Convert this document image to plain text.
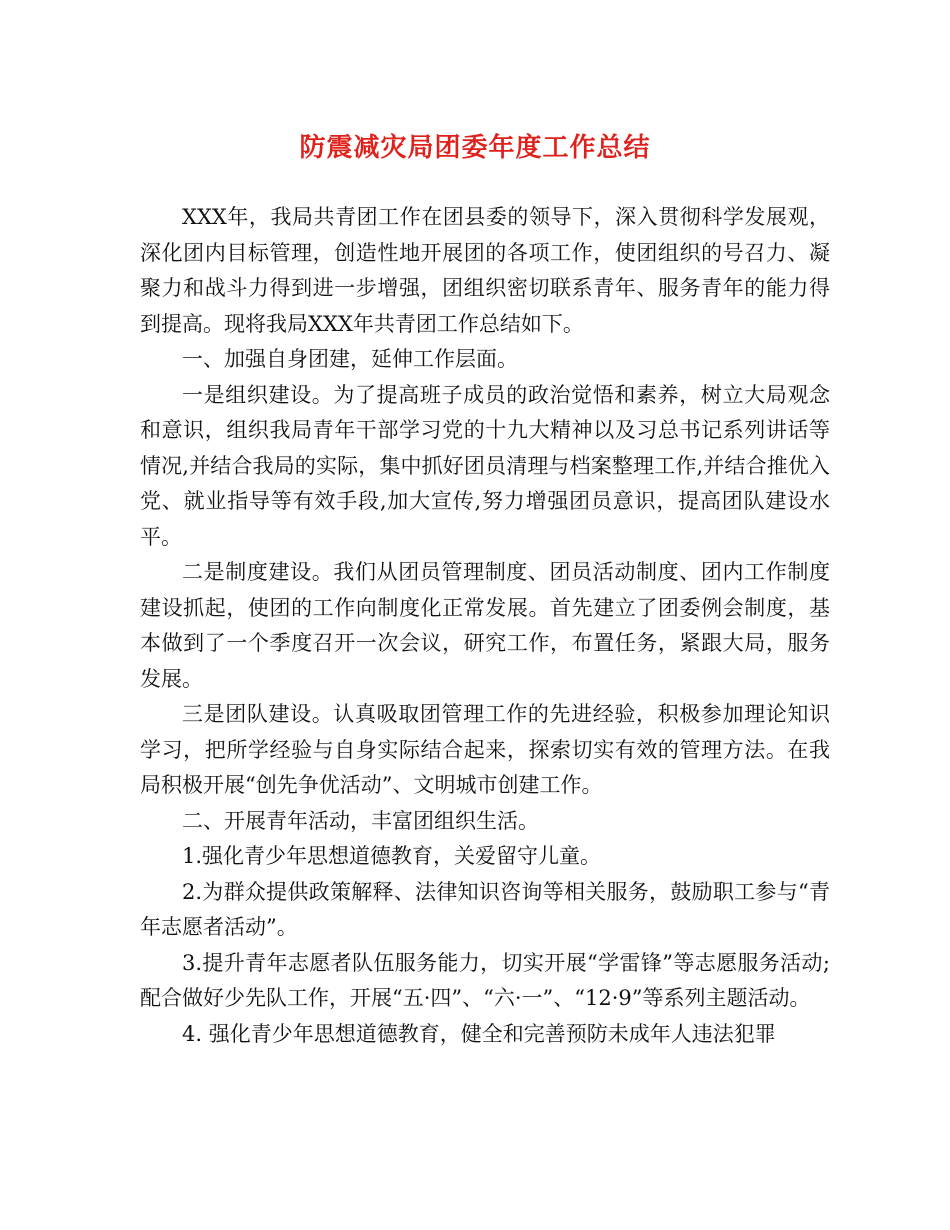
防震减灾局团委年度工作总结

XXX年，我局共青团工作在团县委的领导下，深入贯彻科学发展观，深化团内目标管理，创造性地开展团的各项工作，使团组织的号召力、凝聚力和战斗力得到进一步增强，团组织密切联系青年、服务青年的能力得到提高。现将我局XXX年共青团工作总结如下。

一、加强自身团建，延伸工作层面。

一是组织建设。为了提高班子成员的政治觉悟和素养，树立大局观念和意识，组织我局青年干部学习党的十九大精神以及习总书记系列讲话等情况,并结合我局的实际，集中抓好团员清理与档案整理工作,并结合推优入党、就业指导等有效手段,加大宣传,努力增强团员意识，提高团队建设水平。

二是制度建设。我们从团员管理制度、团员活动制度、团内工作制度建设抓起，使团的工作向制度化正常发展。首先建立了团委例会制度，基本做到了一个季度召开一次会议，研究工作，布置任务，紧跟大局，服务发展。

三是团队建设。认真吸取团管理工作的先进经验，积极参加理论知识学习，把所学经验与自身实际结合起来，探索切实有效的管理方法。在我局积极开展“创先争优活动”、文明城市创建工作。

二、开展青年活动，丰富团组织生活。

1.强化青少年思想道德教育，关爱留守儿童。

2.为群众提供政策解释、法律知识咨询等相关服务，鼓励职工参与“青年志愿者活动”。

3.提升青年志愿者队伍服务能力，切实开展“学雷锋”等志愿服务活动;配合做好少先队工作，开展“五·四”、“六·一”、“12·9”等系列主题活动。

4. 强化青少年思想道德教育，健全和完善预防未成年人违法犯罪
